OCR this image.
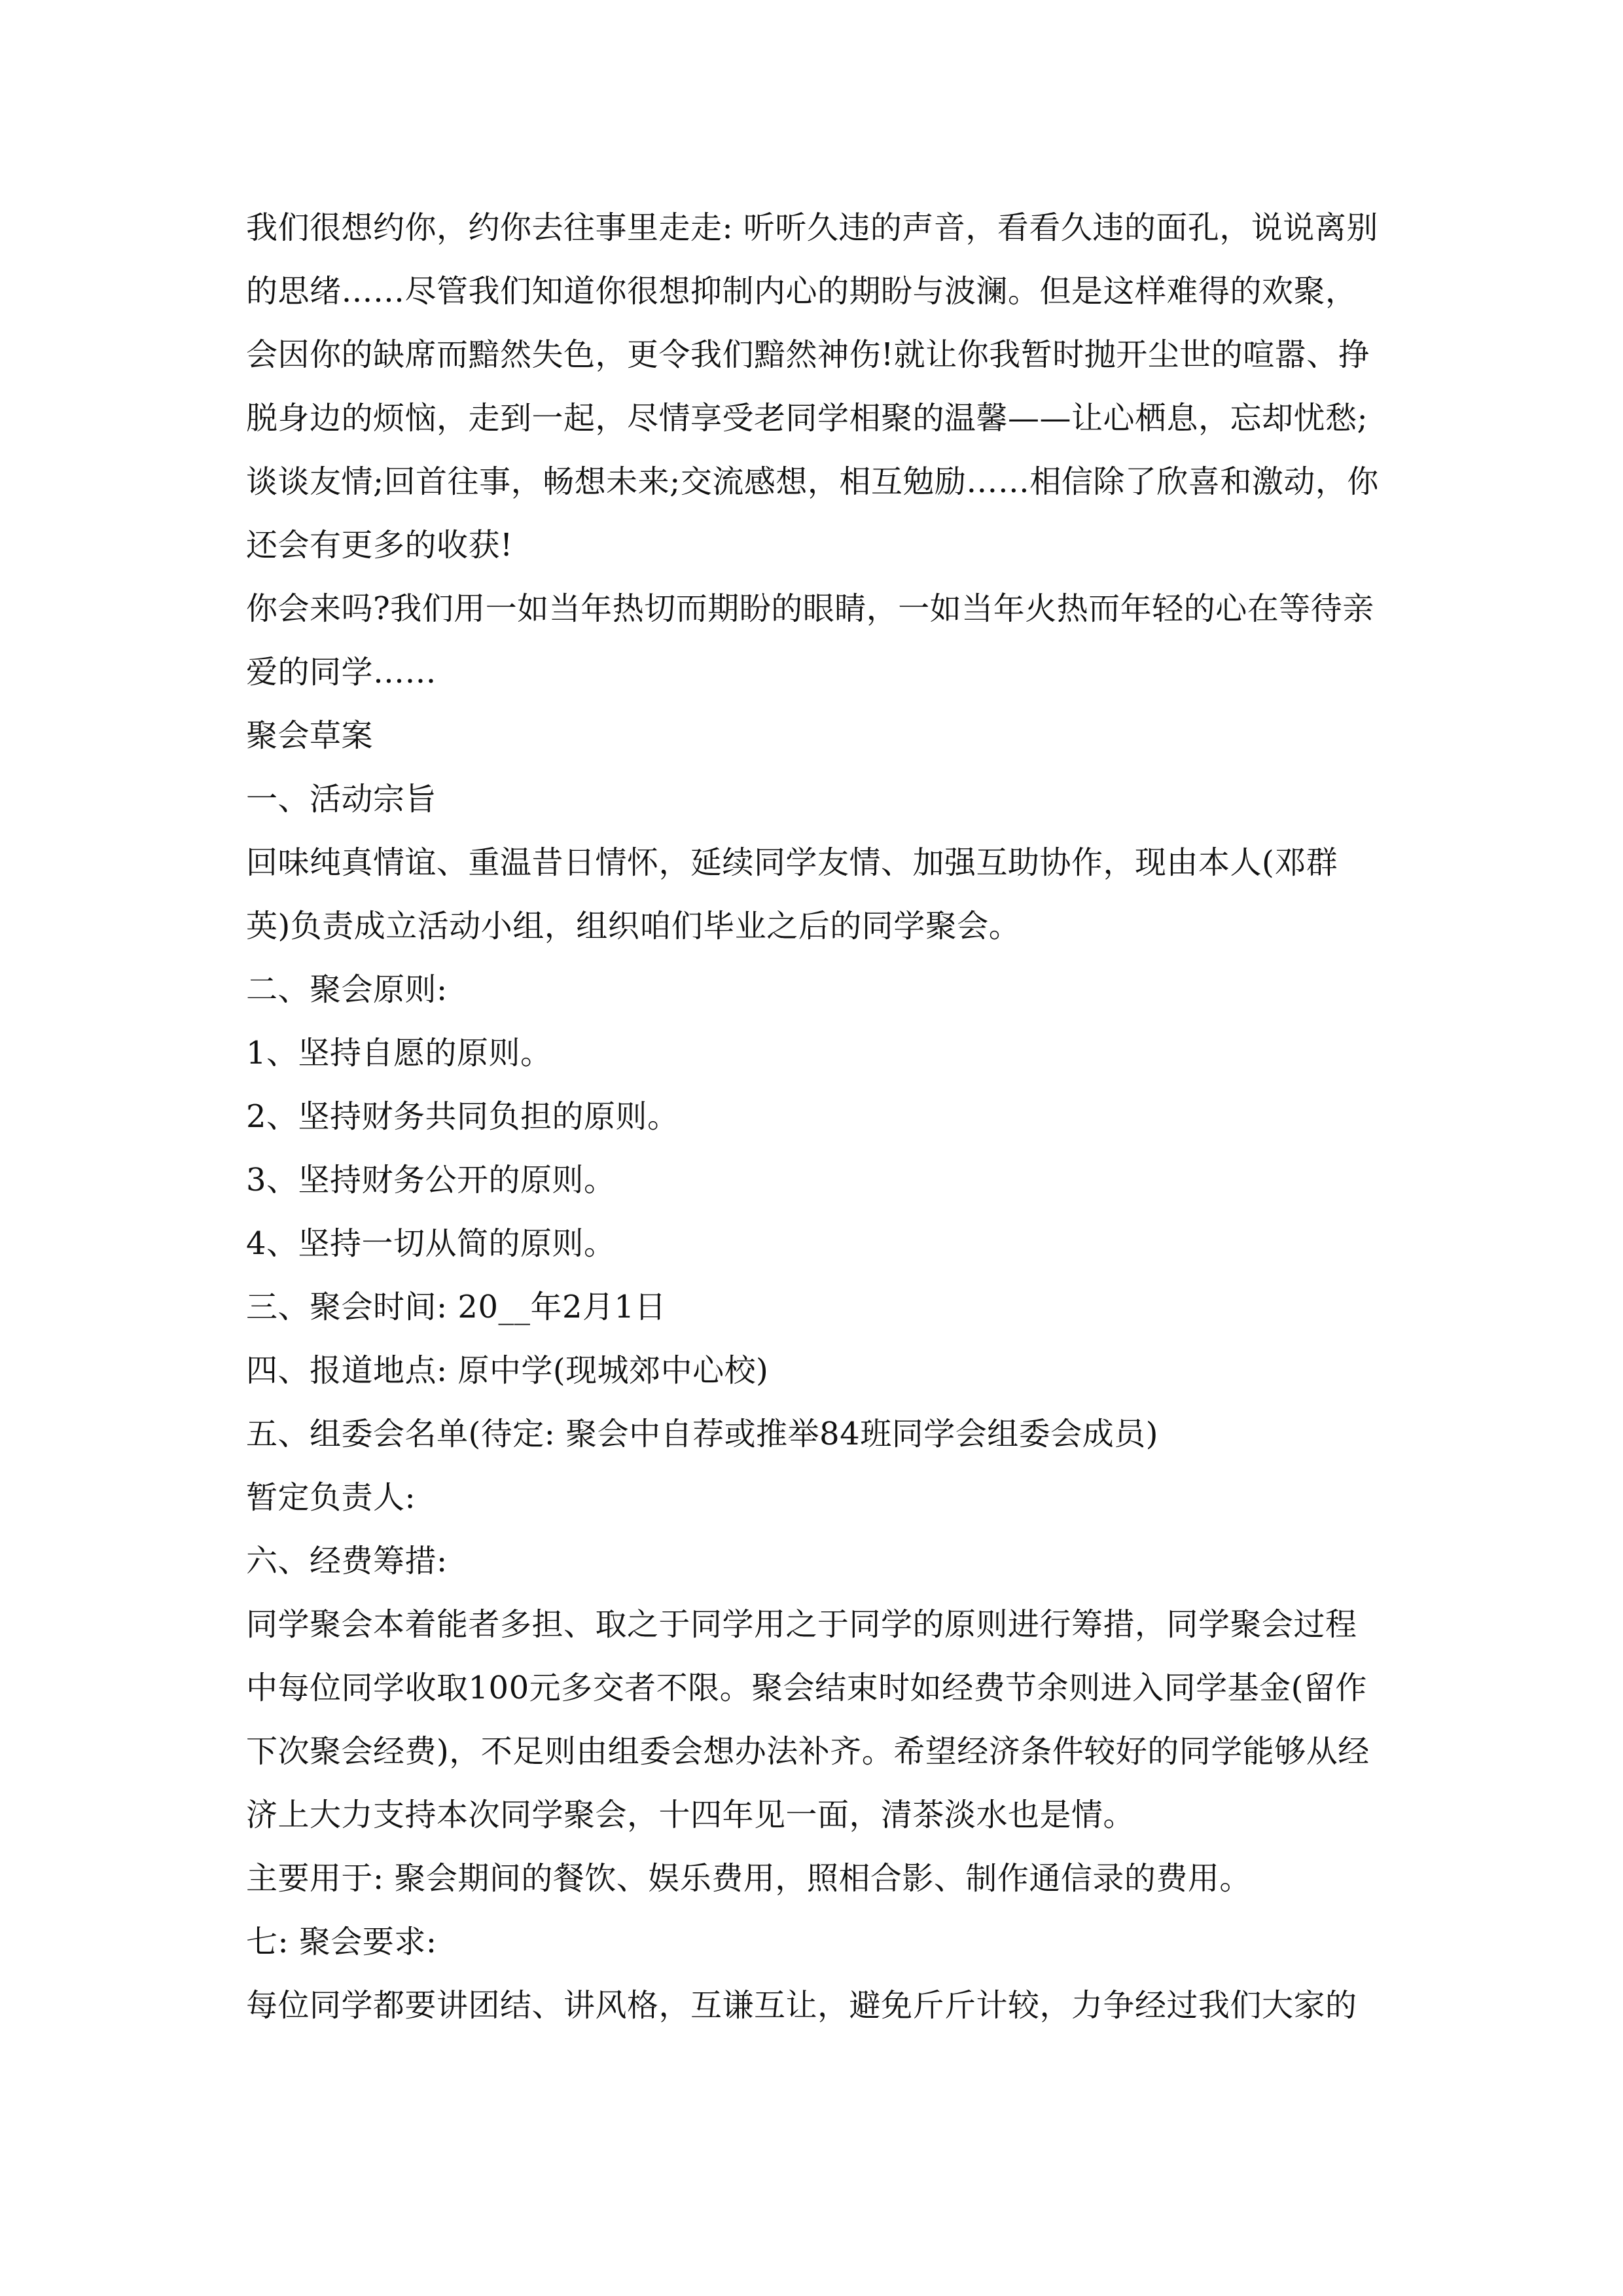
我们很想约你，约你去往事里走走: 听听久违的声音，看看久违的面孔，说说离别的思绪……尽管我们知道你很想抑制内心的期盼与波澜。但是这样难得的欢聚，会因你的缺席而黯然失色，更令我们黯然神伤!就让你我暂时抛开尘世的喧嚣、挣脱身边的烦恼，走到一起，尽情享受老同学相聚的温馨——让心栖息，忘却忧愁;谈谈友情;回首往事，畅想未来;交流感想，相互勉励……相信除了欣喜和激动，你还会有更多的收获!

你会来吗?我们用一如当年热切而期盼的眼睛，一如当年火热而年轻的心在等待亲爱的同学……

聚会草案

一、活动宗旨

回味纯真情谊、重温昔日情怀，延续同学友情、加强互助协作，现由本人(邓群英)负责成立活动小组，组织咱们毕业之后的同学聚会。

二、聚会原则:

1、坚持自愿的原则。

2、坚持财务共同负担的原则。

3、坚持财务公开的原则。

4、坚持一切从简的原则。

三、聚会时间: 20__年2月1日

四、报道地点: 原中学(现城郊中心校)

五、组委会名单(待定: 聚会中自荐或推举84班同学会组委会成员)

暂定负责人:

六、经费筹措:

同学聚会本着能者多担、取之于同学用之于同学的原则进行筹措，同学聚会过程中每位同学收取100元多交者不限。聚会结束时如经费节余则进入同学基金(留作下次聚会经费)，不足则由组委会想办法补齐。希望经济条件较好的同学能够从经济上大力支持本次同学聚会，十四年见一面，清茶淡水也是情。

主要用于: 聚会期间的餐饮、娱乐费用，照相合影、制作通信录的费用。

七: 聚会要求:

每位同学都要讲团结、讲风格，互谦互让，避免斤斤计较，力争经过我们大家的
